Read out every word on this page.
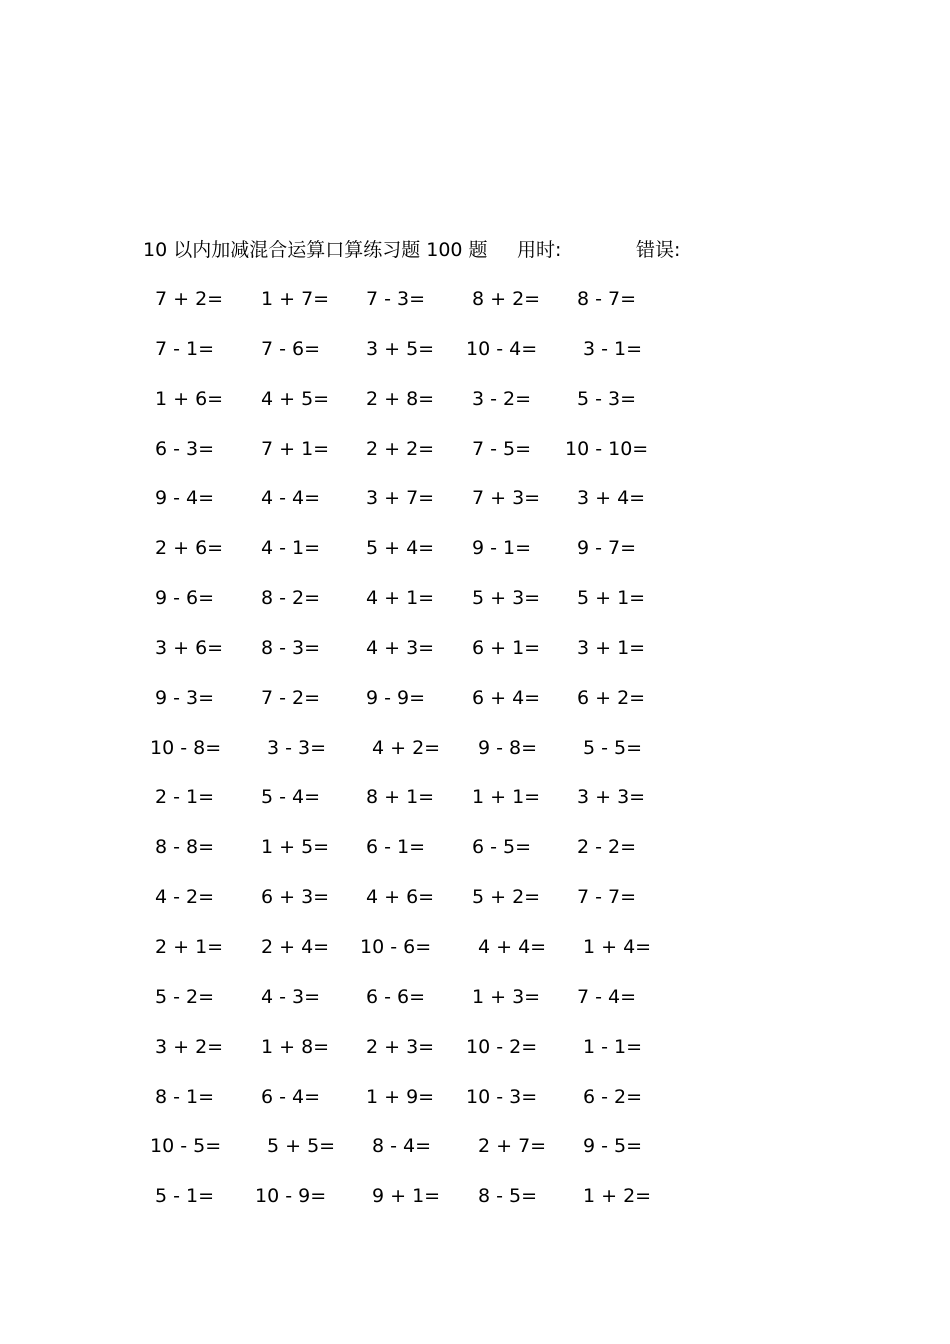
10 以内加减混合运算口算练习题 100 题 用时:	错误:
7 + 2= 1 + 7= 7 - 3= 8 + 2= 8 - 7=
7 - 1= 7 - 6= 3 + 5= 10 - 4= 3 - 1=
1 + 6= 4 + 5= 2 + 8= 3 - 2= 5 - 3=
6 - 3= 7 + 1= 2 + 2= 7 - 5= 10 - 10=
9 - 4= 4 - 4= 3 + 7= 7 + 3= 3 + 4=
2 + 6= 4 - 1= 5 + 4= 9 - 1= 9 - 7=
9 - 6= 8 - 2= 4 + 1= 5 + 3= 5 + 1=
3 + 6= 8 - 3= 4 + 3= 6 + 1= 3 + 1=
9 - 3= 7 - 2= 9 - 9= 6 + 4= 6 + 2=
10 - 8= 3 - 3= 4 + 2= 9 - 8= 5 - 5=
2 - 1= 5 - 4= 8 + 1= 1 + 1= 3 + 3=
8 - 8= 1 + 5= 6 - 1= 6 - 5= 2 - 2=
4 - 2= 6 + 3= 4 + 6= 5 + 2= 7 - 7=
2 + 1= 2 + 4= 10 - 6= 4 + 4= 1 + 4=
5 - 2= 4 - 3= 6 - 6= 1 + 3= 7 - 4=
3 + 2= 1 + 8= 2 + 3= 10 - 2= 1 - 1=
8 - 1= 6 - 4= 1 + 9= 10 - 3= 6 - 2=
10 - 5= 5 + 5= 8 - 4= 2 + 7= 9 - 5=
5 - 1= 10 - 9= 9 + 1= 8 - 5= 1 + 2=
